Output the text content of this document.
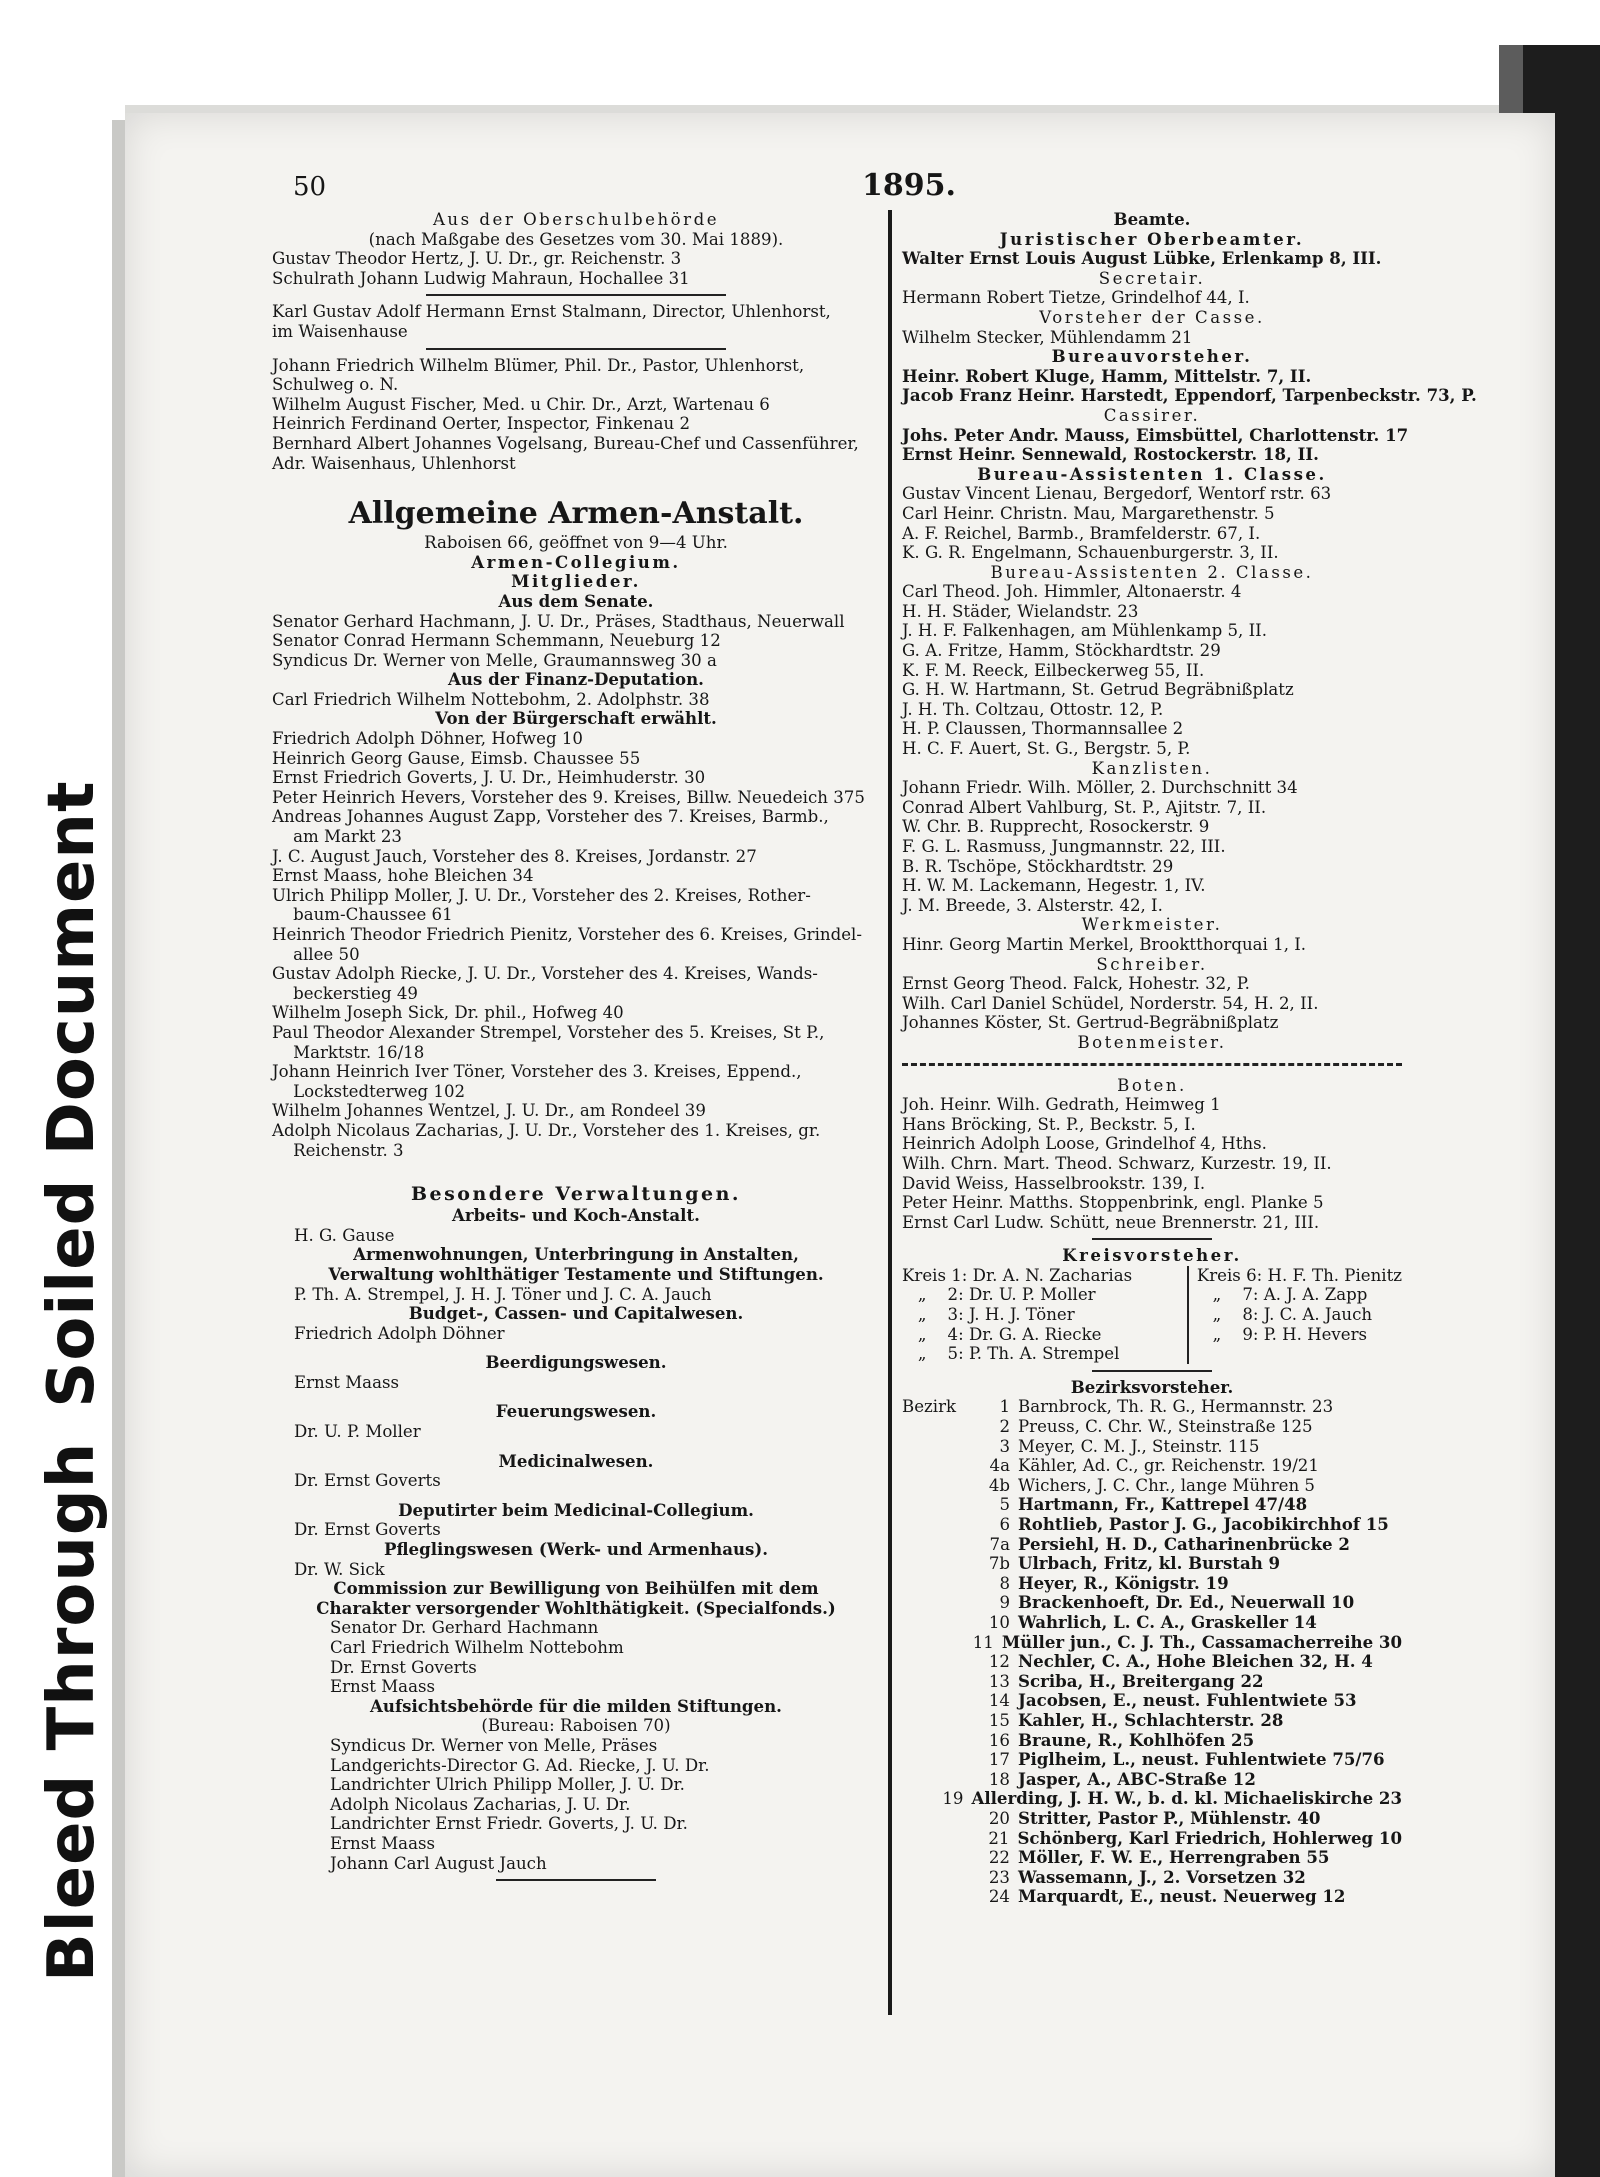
Bleed ThroughSoiled Document
50	1895.
Aus der Oberschulbehörde
(nach Maßgabe des Gesetzes vom 30. Mai 1889).
Gustav Theodor Hertz, J. U. Dr., gr. Reichenstr. 3
Schulrath Johann Ludwig Mahraun, Hochallee 31
Karl Gustav Adolf Hermann Ernst Stalmann, Director, Uhlenhorst,
im Waisenhause
Johann Friedrich Wilhelm Blümer, Phil. Dr., Pastor, Uhlenhorst,
Schulweg o. N.
Wilhelm August Fischer, Med. u Chir. Dr., Arzt, Wartenau 6
Heinrich Ferdinand Oerter, Inspector, Finkenau 2
Bernhard Albert Johannes Vogelsang, Bureau-Chef und Cassenführer,
Adr. Waisenhaus, Uhlenhorst
Allgemeine Armen-Anstalt.
Raboisen 66, geöffnet von 9—4 Uhr.
Armen-Collegium.
Mitglieder.
Aus dem Senate.
Senator Gerhard Hachmann, J. U. Dr., Präses, Stadthaus, Neuerwall
Senator Conrad Hermann Schemmann, Neueburg 12
Syndicus Dr. Werner von Melle, Graumannsweg 30 a
Aus der Finanz-Deputation.
Carl Friedrich Wilhelm Nottebohm, 2. Adolphstr. 38
Von der Bürgerschaft erwählt.
Friedrich Adolph Döhner, Hofweg 10
Heinrich Georg Gause, Eimsb. Chaussee 55
Ernst Friedrich Goverts, J. U. Dr., Heimhuderstr. 30
Peter Heinrich Hevers, Vorsteher des 9. Kreises, Billw. Neuedeich 375
Andreas Johannes August Zapp, Vorsteher des 7. Kreises, Barmb.,
am Markt 23
J. C. August Jauch, Vorsteher des 8. Kreises, Jordanstr. 27
Ernst Maass, hohe Bleichen 34
Ulrich Philipp Moller, J. U. Dr., Vorsteher des 2. Kreises, Rother-
baum-Chaussee 61
Heinrich Theodor Friedrich Pienitz, Vorsteher des 6. Kreises, Grindel-
allee 50
Gustav Adolph Riecke, J. U. Dr., Vorsteher des 4. Kreises, Wands-
beckerstieg 49
Wilhelm Joseph Sick, Dr. phil., Hofweg 40
Paul Theodor Alexander Strempel, Vorsteher des 5. Kreises, St P.,
Marktstr. 16/18
Johann Heinrich Iver Töner, Vorsteher des 3. Kreises, Eppend.,
Lockstedterweg 102
Wilhelm Johannes Wentzel, J. U. Dr., am Rondeel 39
Adolph Nicolaus Zacharias, J. U. Dr., Vorsteher des 1. Kreises, gr.
Reichenstr. 3
Besondere Verwaltungen.
Arbeits- und Koch-Anstalt.
H. G. Gause
Armenwohnungen, Unterbringung in Anstalten,
Verwaltung wohlthätiger Testamente und Stiftungen.
P. Th. A. Strempel, J. H. J. Töner und J. C. A. Jauch
Budget-, Cassen- und Capitalwesen.
Friedrich Adolph Döhner
Beerdigungswesen.
Ernst Maass
Feuerungswesen.
Dr. U. P. Moller
Medicinalwesen.
Dr. Ernst Goverts
Deputirter beim Medicinal-Collegium.
Dr. Ernst Goverts
Pfleglingswesen (Werk- und Armenhaus).
Dr. W. Sick
Commission zur Bewilligung von Beihülfen mit dem
Charakter versorgender Wohlthätigkeit. (Specialfonds.)
Senator Dr. Gerhard Hachmann
Carl Friedrich Wilhelm Nottebohm
Dr. Ernst Goverts
Ernst Maass
Aufsichtsbehörde für die milden Stiftungen.
(Bureau: Raboisen 70)
Syndicus Dr. Werner von Melle, Präses
Landgerichts-Director G. Ad. Riecke, J. U. Dr.
Landrichter Ulrich Philipp Moller, J. U. Dr.
Adolph Nicolaus Zacharias, J. U. Dr.
Landrichter Ernst Friedr. Goverts, J. U. Dr.
Ernst Maass
Johann Carl August Jauch
Beamte.
Juristischer Oberbeamter.
Walter Ernst Louis August Lübke, Erlenkamp 8, III.
Secretair.
Hermann Robert Tietze, Grindelhof 44, I.
Vorsteher der Casse.
Wilhelm Stecker, Mühlendamm 21
Bureauvorsteher.
Heinr. Robert Kluge, Hamm, Mittelstr. 7, II.
Jacob Franz Heinr. Harstedt, Eppendorf, Tarpenbeckstr. 73, P.
Cassirer.
Johs. Peter Andr. Mauss, Eimsbüttel, Charlottenstr. 17
Ernst Heinr. Sennewald, Rostockerstr. 18, II.
Bureau-Assistenten 1. Classe.
Gustav Vincent Lienau, Bergedorf, Wentorf rstr. 63
Carl Heinr. Christn. Mau, Margarethenstr. 5
A. F. Reichel, Barmb., Bramfelderstr. 67, I.
K. G. R. Engelmann, Schauenburgerstr. 3, II.
Bureau-Assistenten 2. Classe.
Carl Theod. Joh. Himmler, Altonaerstr. 4
H. H. Städer, Wielandstr. 23
J. H. F. Falkenhagen, am Mühlenkamp 5, II.
G. A. Fritze, Hamm, Stöckhardtstr. 29
K. F. M. Reeck, Eilbeckerweg 55, II.
G. H. W. Hartmann, St. Getrud Begräbnißplatz
J. H. Th. Coltzau, Ottostr. 12, P.
H. P. Claussen, Thormannsallee 2
H. C. F. Auert, St. G., Bergstr. 5, P.
Kanzlisten.
Johann Friedr. Wilh. Möller, 2. Durchschnitt 34
Conrad Albert Vahlburg, St. P., Ajitstr. 7, II.
W. Chr. B. Rupprecht, Rosockerstr. 9
F. G. L. Rasmuss, Jungmannstr. 22, III.
B. R. Tschöpe, Stöckhardtstr. 29
H. W. M. Lackemann, Hegestr. 1, IV.
J. M. Breede, 3. Alsterstr. 42, I.
Werkmeister.
Hinr. Georg Martin Merkel, Brooktthorquai 1, I.
Schreiber.
Ernst Georg Theod. Falck, Hohestr. 32, P.
Wilh. Carl Daniel Schüdel, Norderstr. 54, H. 2, II.
Johannes Köster, St. Gertrud-Begräbnißplatz
Botenmeister.
Boten.
Joh. Heinr. Wilh. Gedrath, Heimweg 1
Hans Bröcking, St. P., Beckstr. 5, I.
Heinrich Adolph Loose, Grindelhof 4, Hths.
Wilh. Chrn. Mart. Theod. Schwarz, Kurzestr. 19, II.
David Weiss, Hasselbrookstr. 139, I.
Peter Heinr. Matths. Stoppenbrink, engl. Planke 5
Ernst Carl Ludw. Schütt, neue Brennerstr. 21, III.
Kreisvorsteher.
Kreis 1: Dr. A. N. Zacharias
„    2: Dr. U. P. Moller
„    3: J. H. J. Töner
„    4: Dr. G. A. Riecke
„    5: P. Th. A. Strempel
Kreis 6: H. F. Th. Pienitz
„    7: A. J. A. Zapp
„    8: J. C. A. Jauch
„    9: P. H. Hevers
Bezirksvorsteher.
Bezirk	1 Barnbrock, Th. R. G., Hermannstr. 23
2 Preuss, C. Chr. W., Steinstraße 125
3 Meyer, C. M. J., Steinstr. 115
4a Kähler, Ad. C., gr. Reichenstr. 19/21
4b Wichers, J. C. Chr., lange Mühren 5
5 Hartmann, Fr., Kattrepel 47/48
6 Rohtlieb, Pastor J. G., Jacobikirchhof 15
7a Persiehl, H. D., Catharinenbrücke 2
7b Ulrbach, Fritz, kl. Burstah 9
8 Heyer, R., Königstr. 19
9 Brackenhoeft, Dr. Ed., Neuerwall 10
10 Wahrlich, L. C. A., Graskeller 14
11 Müller jun., C. J. Th., Cassamacherreihe 30
12 Nechler, C. A., Hohe Bleichen 32, H. 4
13 Scriba, H., Breitergang 22
14 Jacobsen, E., neust. Fuhlentwiete 53
15 Kahler, H., Schlachterstr. 28
16 Braune, R., Kohlhöfen 25
17 Piglheim, L., neust. Fuhlentwiete 75/76
18 Jasper, A., ABC-Straße 12
19 Allerding, J. H. W., b. d. kl. Michaeliskirche 23
20 Stritter, Pastor P., Mühlenstr. 40
21 Schönberg, Karl Friedrich, Hohlerweg 10
22 Möller, F. W. E., Herrengraben 55
23 Wassemann, J., 2. Vorsetzen 32
24 Marquardt, E., neust. Neuerweg 12
